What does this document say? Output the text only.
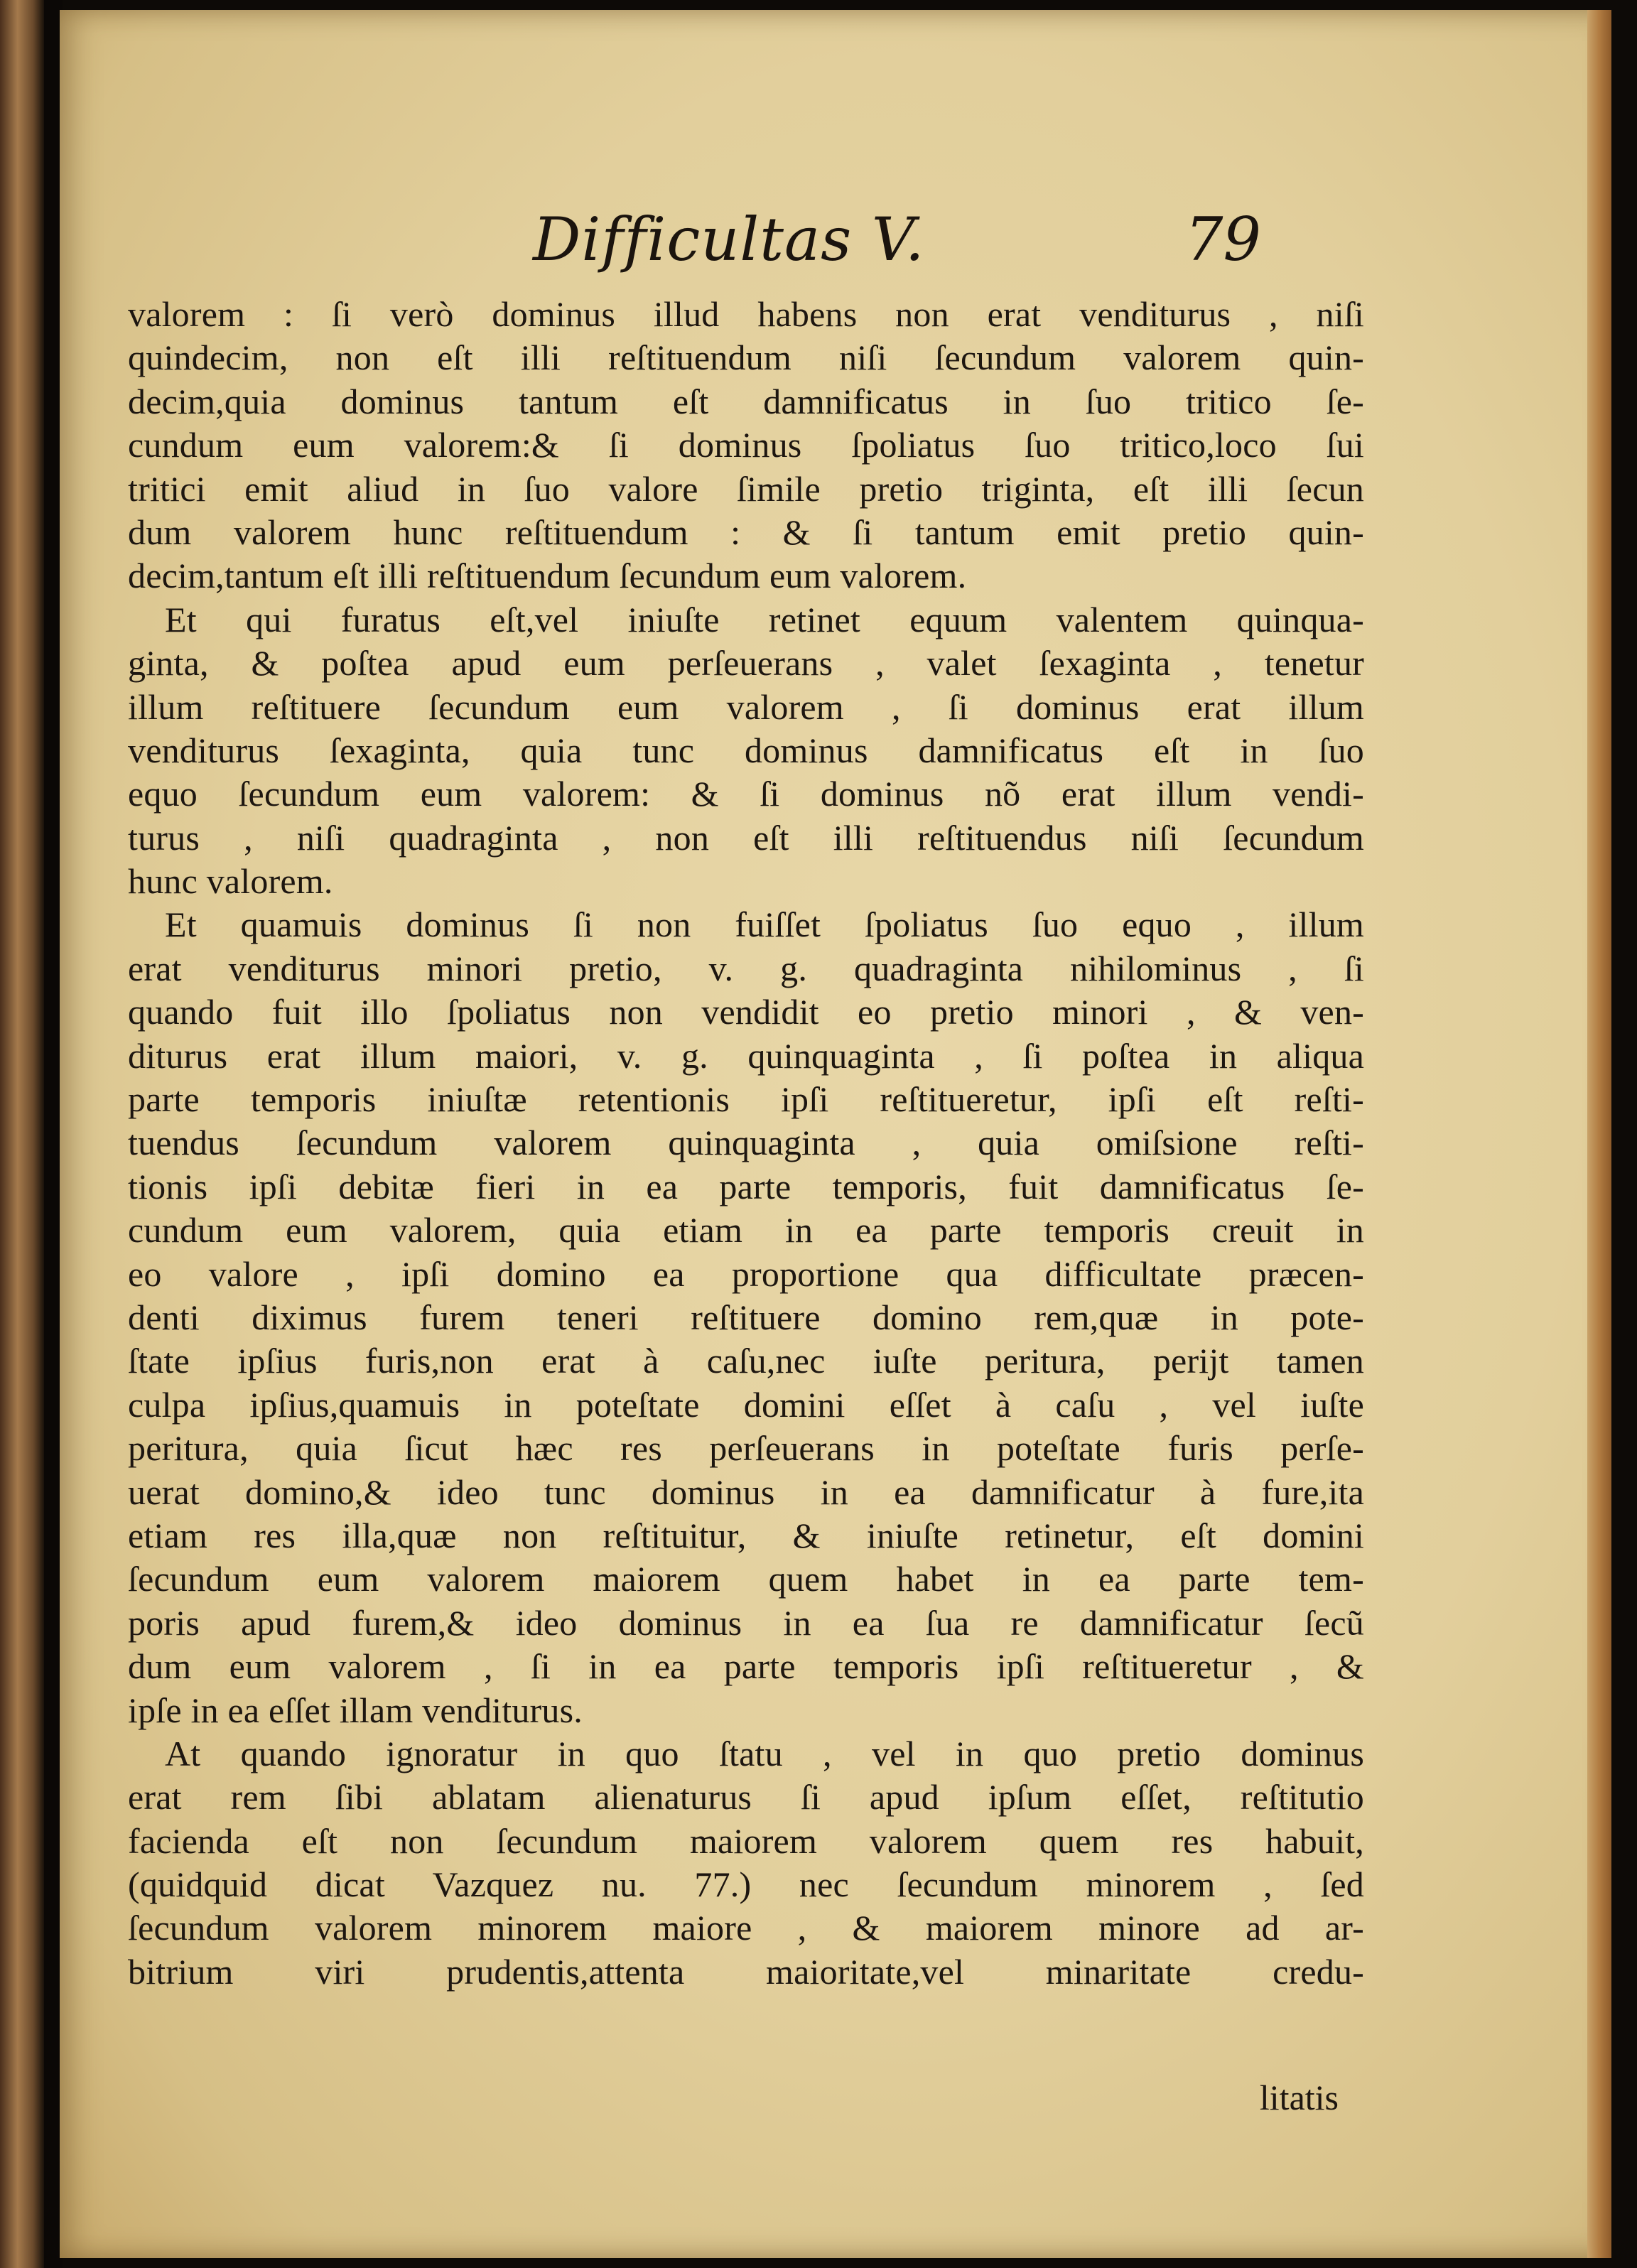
Difficultas V.	79
valorem : ſi verò dominus illud habens non erat venditurus , niſi
quindecim, non eſt illi reſtituendum niſi ſecundum valorem quin-
decim,quia dominus tantum eſt damnificatus in ſuo tritico ſe-
cundum eum valorem:& ſi dominus ſpoliatus ſuo tritico,loco ſui
tritici emit aliud in ſuo valore ſimile pretio triginta, eſt illi ſecun
dum valorem hunc reſtituendum : & ſi tantum emit pretio quin-
decim,tantum eſt illi reſtituendum ſecundum eum valorem.
Et qui furatus eſt,vel iniuſte retinet equum valentem quinqua-
ginta, & poſtea apud eum perſeuerans , valet ſexaginta , tenetur
illum reſtituere ſecundum eum valorem , ſi dominus erat illum
venditurus ſexaginta, quia tunc dominus damnificatus eſt in ſuo
equo ſecundum eum valorem: & ſi dominus nõ erat illum vendi-
turus , niſi quadraginta , non eſt illi reſtituendus niſi ſecundum
hunc valorem.
Et quamuis dominus ſi non fuiſſet ſpoliatus ſuo equo , illum
erat venditurus minori pretio, v. g. quadraginta nihilominus , ſi
quando fuit illo ſpoliatus non vendidit eo pretio minori , & ven-
diturus erat illum maiori, v. g. quinquaginta , ſi poſtea in aliqua
parte temporis iniuſtæ retentionis ipſi reſtitueretur, ipſi eſt reſti-
tuendus ſecundum valorem quinquaginta , quia omiſsione reſti-
tionis ipſi debitæ fieri in ea parte temporis, fuit damnificatus ſe-
cundum eum valorem, quia etiam in ea parte temporis creuit in
eo valore , ipſi domino ea proportione qua difficultate præcen-
denti diximus furem teneri reſtituere domino rem,quæ in pote-
ſtate ipſius furis,non erat à caſu,nec iuſte peritura, perijt tamen
culpa ipſius,quamuis in poteſtate domini eſſet à caſu , vel iuſte
peritura, quia ſicut hæc res perſeuerans in poteſtate furis perſe-
uerat domino,& ideo tunc dominus in ea damnificatur à fure,ita
etiam res illa,quæ non reſtituitur, & iniuſte retinetur, eſt domini
ſecundum eum valorem maiorem quem habet in ea parte tem-
poris apud furem,& ideo dominus in ea ſua re damnificatur ſecũ
dum eum valorem , ſi in ea parte temporis ipſi reſtitueretur , &
ipſe in ea eſſet illam venditurus.
At quando ignoratur in quo ſtatu , vel in quo pretio dominus
erat rem ſibi ablatam alienaturus ſi apud ipſum eſſet, reſtitutio
facienda eſt non ſecundum maiorem valorem quem res habuit,
(quidquid dicat Vazquez nu. 77.) nec ſecundum minorem , ſed
ſecundum valorem minorem maiore , & maiorem minore ad ar-
bitrium viri prudentis,attenta maioritate,vel minaritate credu-
litatis
